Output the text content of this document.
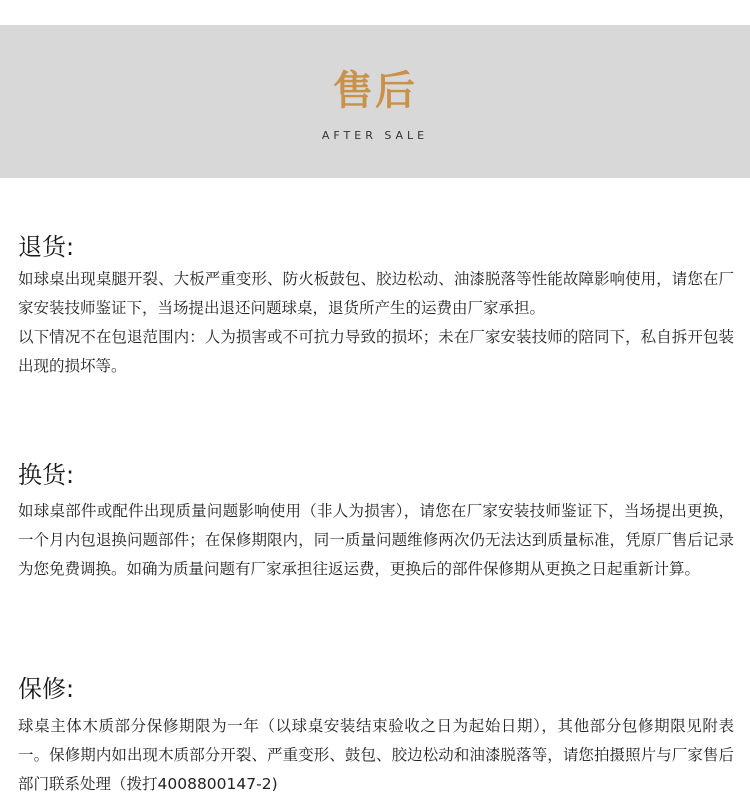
售后
AFTER SALE
退货:

如球桌出现桌腿开裂、大板严重变形、防火板鼓包、胶边松动、油漆脱落等性能故障影响使用，请您在厂家安装技师鉴证下，当场提出退还问题球桌，退货所产生的运费由厂家承担。

以下情况不在包退范围内：人为损害或不可抗力导致的损坏；未在厂家安装技师的陪同下，私自拆开包装出现的损坏等。

换货:

如球桌部件或配件出现质量问题影响使用（非人为损害），请您在厂家安装技师鉴证下，当场提出更换，一个月内包退换问题部件；在保修期限内，同一质量问题维修两次仍无法达到质量标准，凭原厂售后记录为您免费调换。如确为质量问题有厂家承担往返运费，更换后的部件保修期从更换之日起重新计算。

保修:

球桌主体木质部分保修期限为一年（以球桌安装结束验收之日为起始日期），其他部分包修期限见附表一。保修期内如出现木质部分开裂、严重变形、鼓包、胶边松动和油漆脱落等，请您拍摄照片与厂家售后部门联系处理（拨打4008800147-2)
